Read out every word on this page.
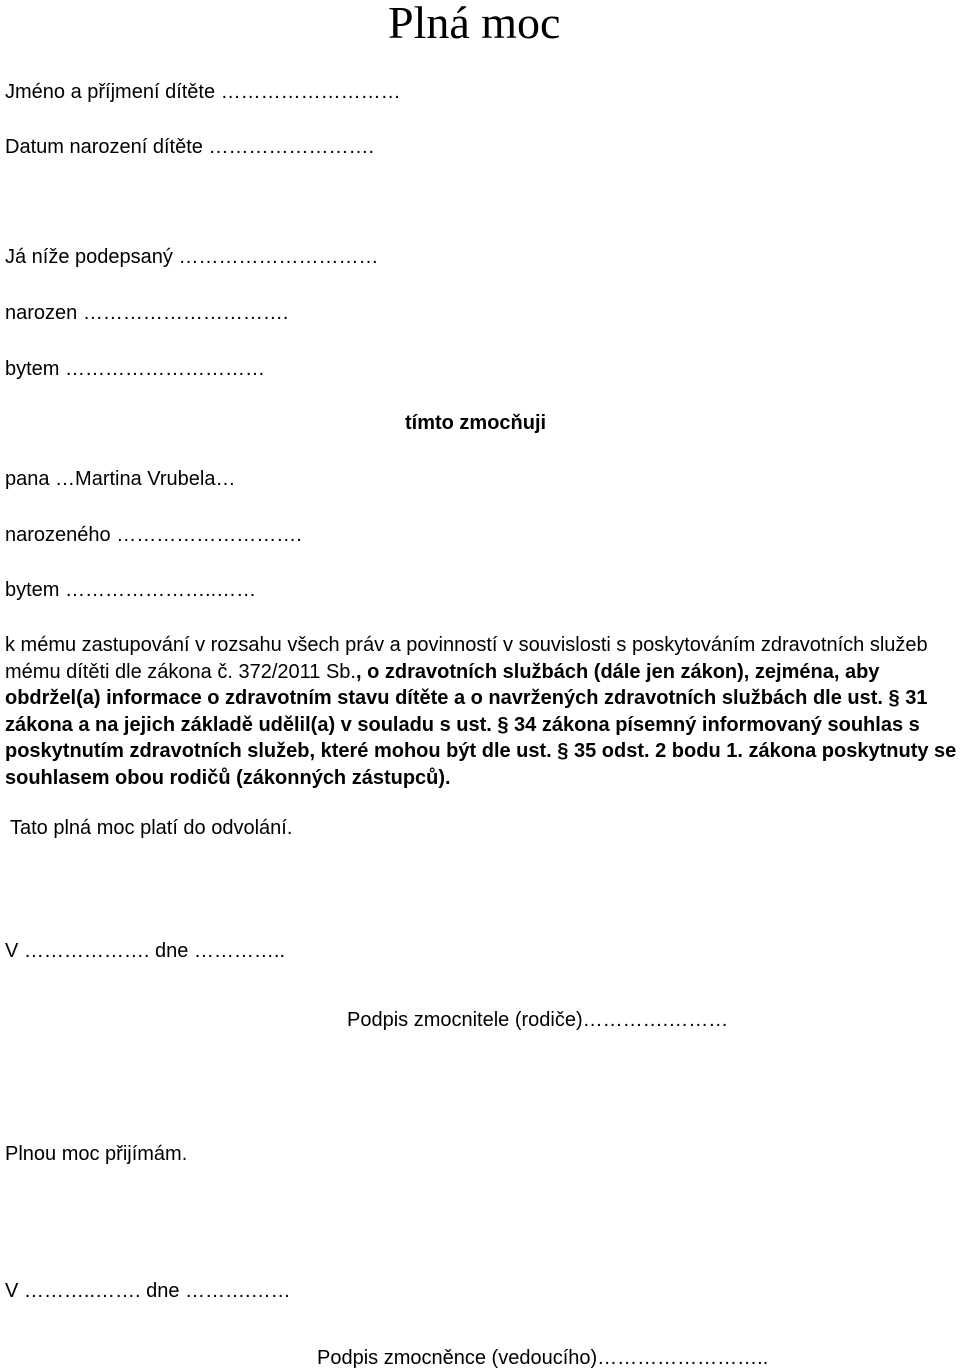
Plná moc
Jméno a příjmení dítěte ………………………
Datum narození dítěte …………………….
Já níže podepsaný …………………………
narozen ………………………….
bytem …………………………
tímto zmocňuji
pana …Martina Vrubela…
narozeného ……………………….
bytem …………………..……

k mému zastupování v rozsahu všech práv a povinností v souvislosti s poskytováním zdravotních služeb mému dítěti dle zákona č. 372/2011 Sb., o zdravotních službách (dále jen zákon), zejména, aby obdržel(a) informace o zdravotním stavu dítěte a o navržených zdravotních službách dle ust. § 31 zákona a na jejich základě udělil(a) v souladu s ust. § 34 zákona písemný informovaný souhlas s poskytnutím zdravotních služeb, které mohou být dle ust. § 35 odst. 2 bodu 1. zákona poskytnuty se souhlasem obou rodičů (zákonných zástupců).

Tato plná moc platí do odvolání.
V ………………. dne …………..
Podpis zmocnitele (rodiče)………….………
Plnou moc přijímám.
V ………..……. dne ……….……
Podpis zmocněnce (vedoucího)……………………..
